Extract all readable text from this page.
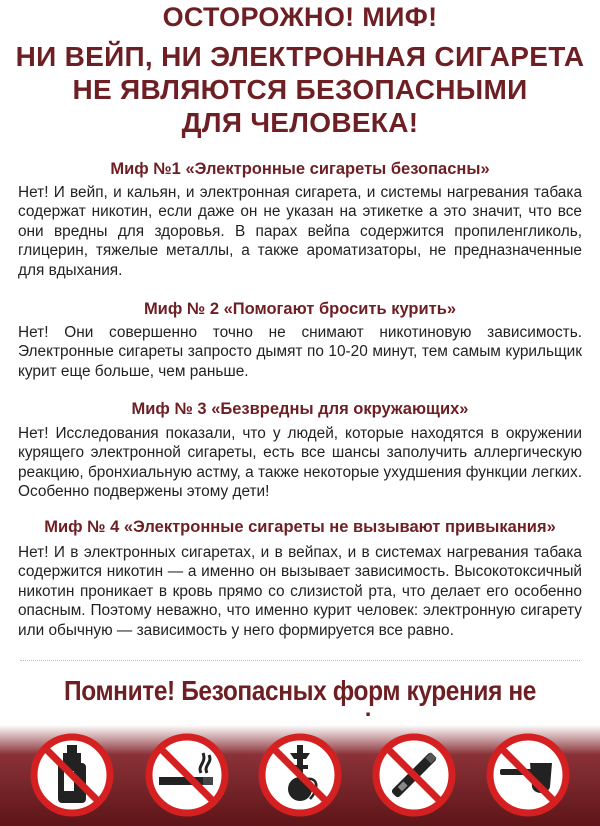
ОСТОРОЖНО! МИФ!
НИ ВЕЙП, НИ ЭЛЕКТРОННАЯ СИГАРЕТА
НЕ ЯВЛЯЮТСЯ БЕЗОПАСНЫМИ
ДЛЯ ЧЕЛОВЕКА!
Миф №1 «Электронные сигареты безопасны»

Нет! И вейп, и кальян, и электронная сигарета, и системы нагревания табака содержат никотин, если даже он не указан на этикетке а это значит, что все они вредны для здоровья. В парах вейпа содержится пропиленгликоль, глицерин, тяжелые металлы, а также ароматизаторы, не предназначенные для вдыхания.

Миф № 2 «Помогают бросить курить»

Нет! Они совершенно точно не снимают никотиновую зависимость. Электронные сигареты запросто дымят по 10-20 минут, тем самым курильщик курит еще больше, чем раньше.

Миф № 3 «Безвредны для окружающих»

Нет! Исследования показали, что у людей, которые находятся в окружении курящего электронной сигареты, есть все шансы заполучить аллергическую реакцию, бронхиальную астму, а также некоторые ухудшения функции легких. Особенно подвержены этому дети!

Миф № 4 «Электронные сигареты не вызывают привыкания»

Нет! И в электронных сигаретах, и в вейпах, и в системах нагревания табака содержится никотин — а именно он вызывает зависимость. Высокотоксичный никотин проникает в кровь прямо со слизистой рта, что делает его особенно опасным. Поэтому неважно, что именно курит человек: электронную сигарету или обычную — зависимость у него формируется все равно.

Помните! Безопасных форм курения не
